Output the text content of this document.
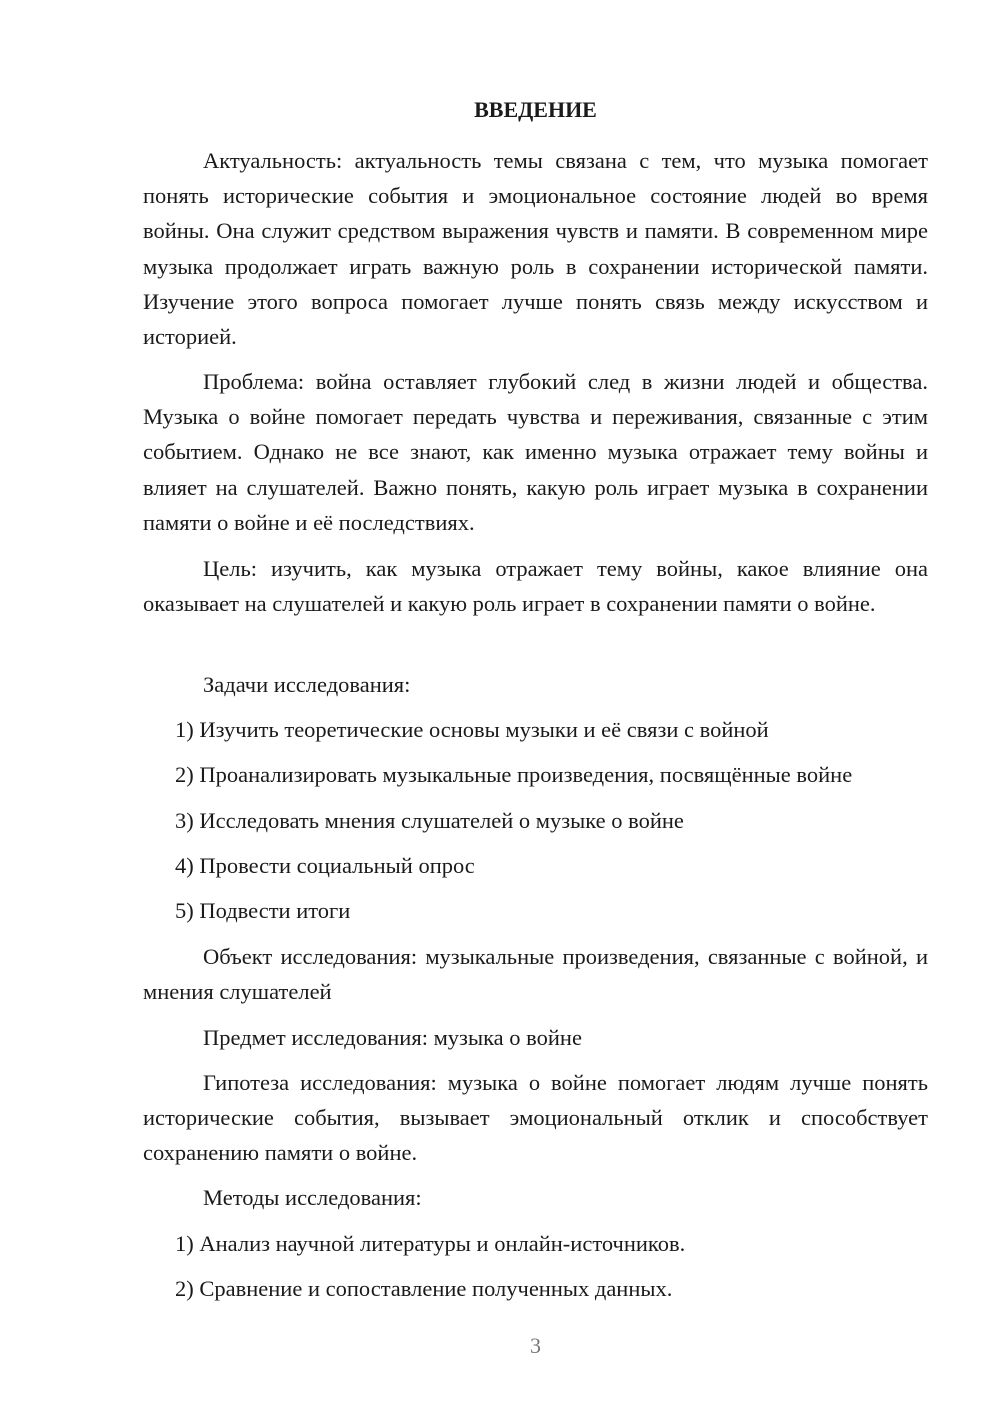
ВВЕДЕНИЕ

Актуальность: актуальность темы связана с тем, что музыка помогает понять исторические события и эмоциональное состояние людей во время войны. Она служит средством выражения чувств и памяти. В современном мире музыка продолжает играть важную роль в сохранении исторической памяти. Изучение этого вопроса помогает лучше понять связь между искусством и историей.

Проблема: война оставляет глубокий след в жизни людей и общества. Музыка о войне помогает передать чувства и переживания, связанные с этим событием. Однако не все знают, как именно музыка отражает тему войны и влияет на слушателей. Важно понять, какую роль играет музыка в сохранении памяти о войне и её последствиях.

Цель: изучить, как музыка отражает тему войны, какое влияние она оказывает на слушателей и какую роль играет в сохранении памяти о войне.

Задачи исследования:

1) Изучить теоретические основы музыки и её связи с войной

2) Проанализировать музыкальные произведения, посвящённые войне

3) Исследовать мнения слушателей о музыке о войне

4) Провести социальный опрос

5) Подвести итоги

Объект исследования: музыкальные произведения, связанные с войной, и мнения слушателей

Предмет исследования: музыка о войне

Гипотеза исследования: музыка о войне помогает людям лучше понять исторические события, вызывает эмоциональный отклик и способствует сохранению памяти о войне.

Методы исследования:

1) Анализ научной литературы и онлайн-источников.

2) Сравнение и сопоставление полученных данных.

3
